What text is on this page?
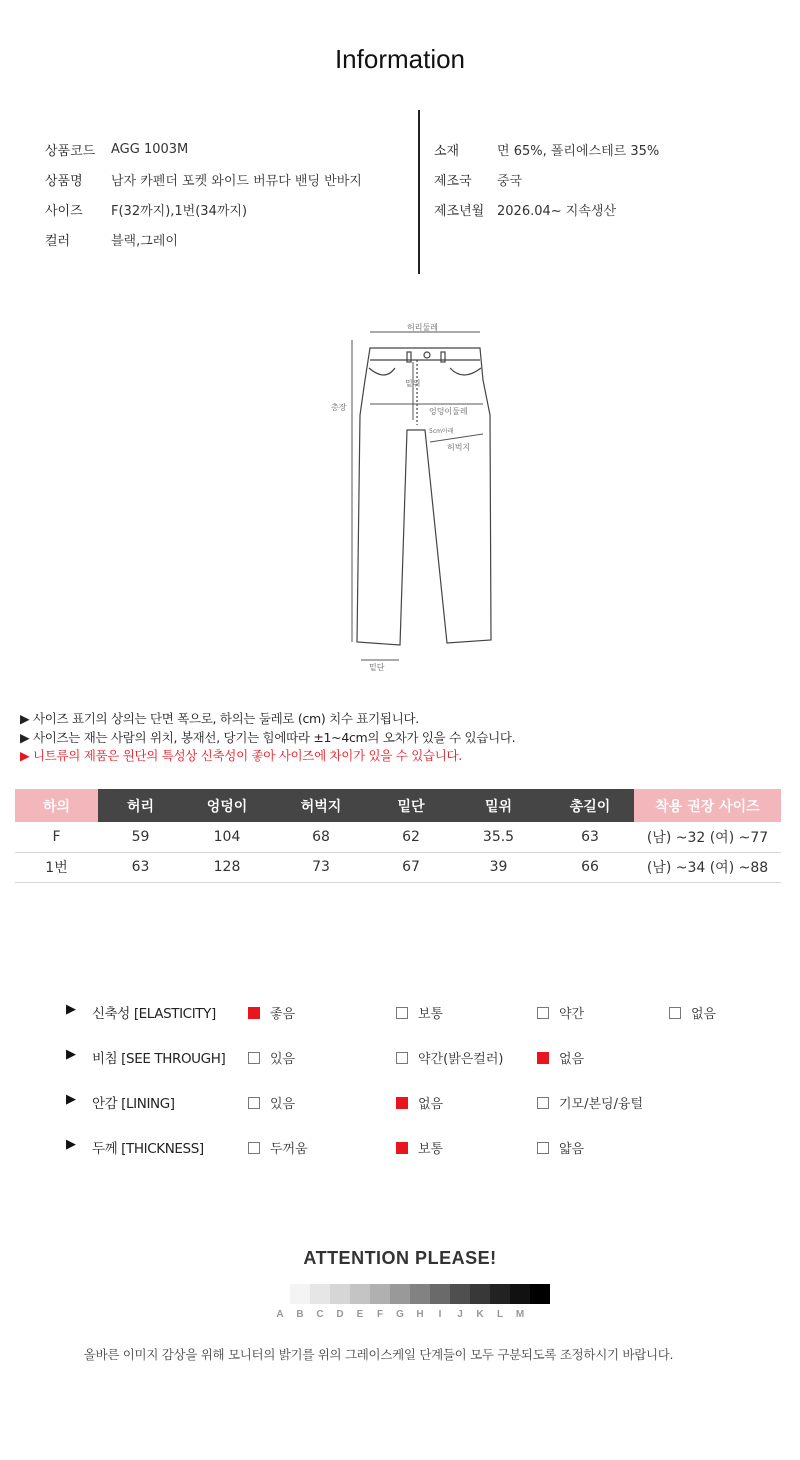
Information
상품코드	AGG 1003M
상품명	남자 카펜더 포켓 와이드 버뮤다 밴딩 반바지
사이즈	F(32까지),1번(34까지)
컬러	블랙,그레이
소재	면 65%, 폴리에스테르 35%
제조국	중국
제조년월 2026.04~ 지속생산
허리둘레
밑위
엉덩이둘레
5cm아래
허벅지
총장
밑단
▶ 사이즈 표기의 상의는 단면 폭으로, 하의는 둘레로 (cm) 치수 표기됩니다.
▶ 사이즈는 재는 사람의 위치, 봉재선, 당기는 힘에따라 ±1~4cm의 오차가 있을 수 있습니다.
▶ 니트류의 제품은 원단의 특성상 신축성이 좋아 사이즈에 차이가 있을 수 있습니다.
하의	허리	엉덩이	허벅지	밑단	밑위	총길이	착용 권장 사이즈
F	59	104	68	62	35.5	63	(남) ~32 (여) ~77
1번	63	128	73	67	39	66	(남) ~34 (여) ~88
▶ 신축성 [ELASTICITY]	좋음	보통	약간	없음
▶ 비침 [SEE THROUGH]	있음	약간(밝은컬러)	없음
▶ 안감 [LINING]	있음	없음	기모/본딩/융털
▶ 두께 [THICKNESS]	두꺼움	보통	얇음
ATTENTION PLEASE!
A	B	C	D	E	F	G	H	I	J	K	L	M
올바른 이미지 감상을 위해 모니터의 밝기를 위의 그레이스케일 단계들이 모두 구분되도록 조정하시기 바랍니다.
